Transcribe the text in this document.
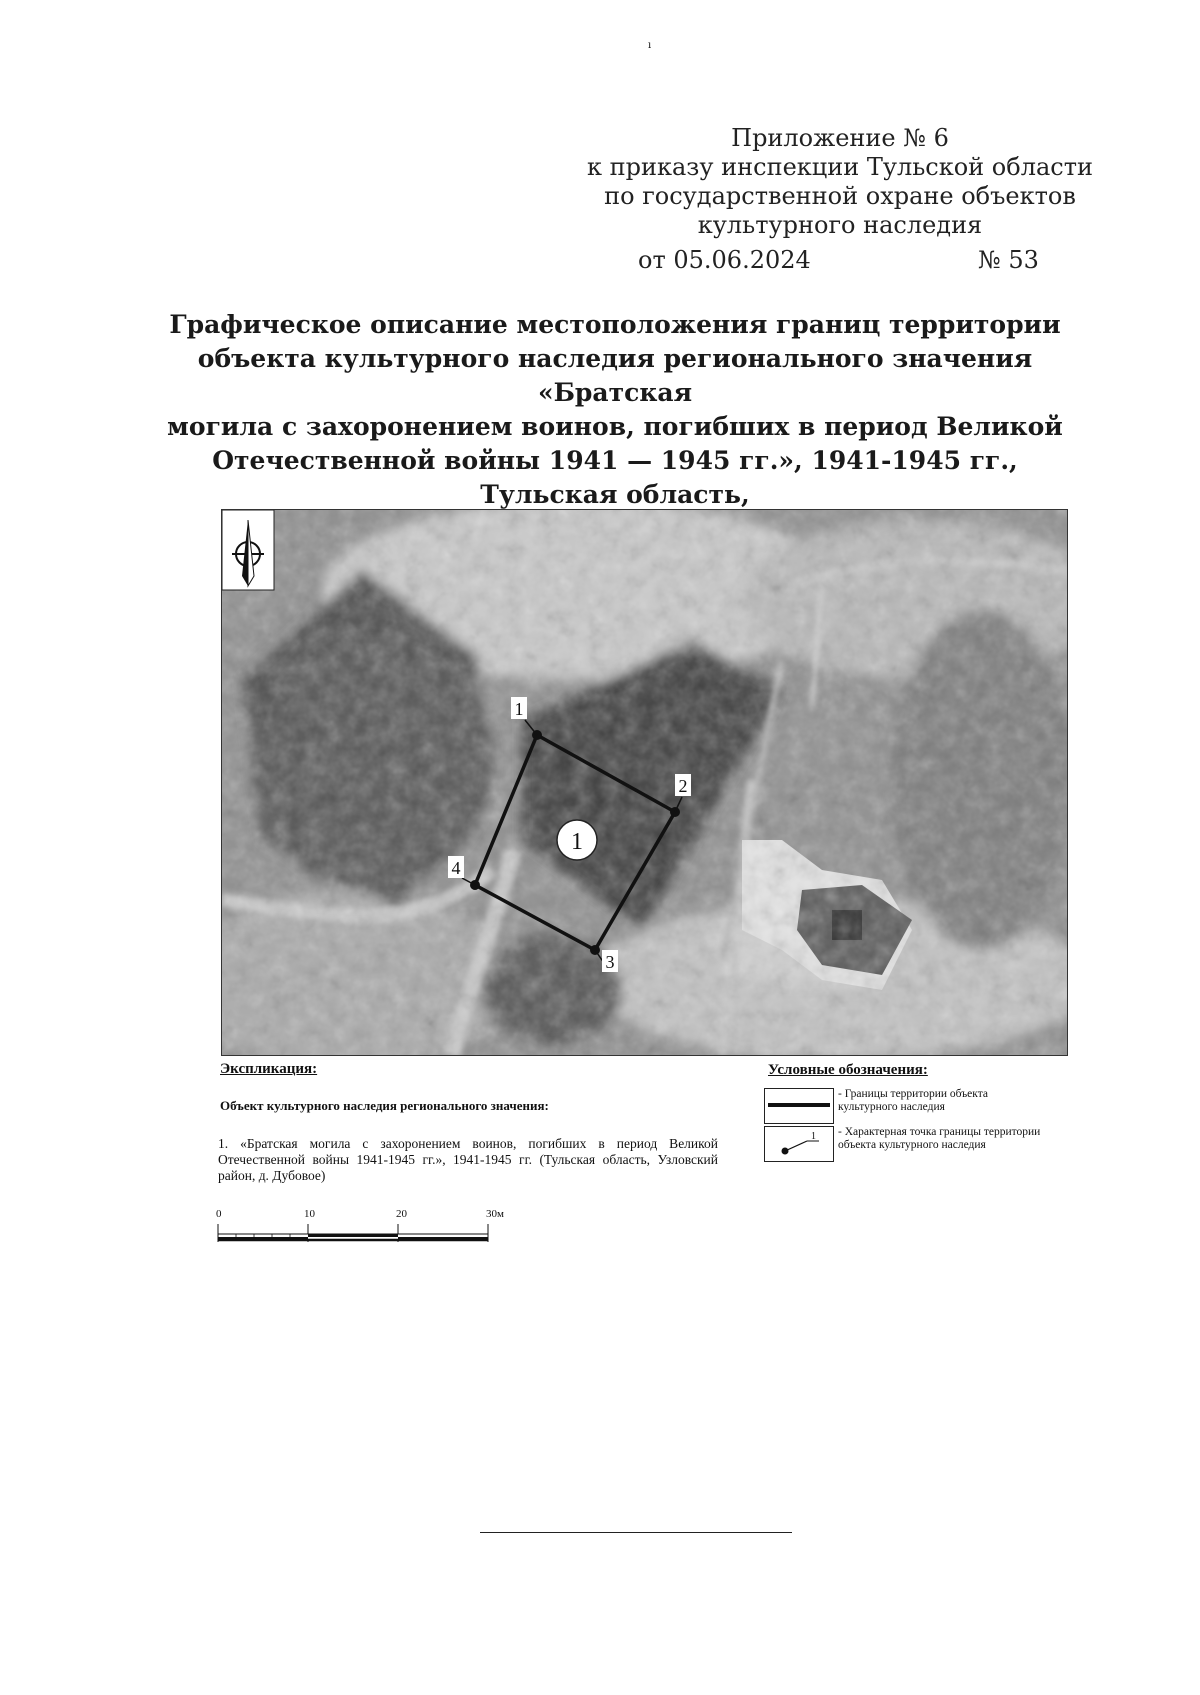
ı
Приложение № 6
к приказу инспекции Тульской области
по государственной охране объектов
культурного наследия
от 05.06.2024	№ 53
Графическое описание местоположения границ территории
объекта культурного наследия регионального значения «Братская
могила с захоронением воинов, погибших в период Великой
Отечественной войны 1941 — 1945 гг.», 1941-1945 гг., Тульская область,
1
1
2
3
4
Экспликация:
Объект культурного наследия регионального значения:
1. «Братская могила с захоронением воинов, погибших в период Великой Отечественной войны 1941-1945 гг.», 1941-1945 гг. (Тульская область, Узловский район, д. Дубовое)
Условные обозначения:
- Границы территории объекта культурного наследия
1 - Характерная точка границы территории объекта культурного наследия
0	10	20	30м
